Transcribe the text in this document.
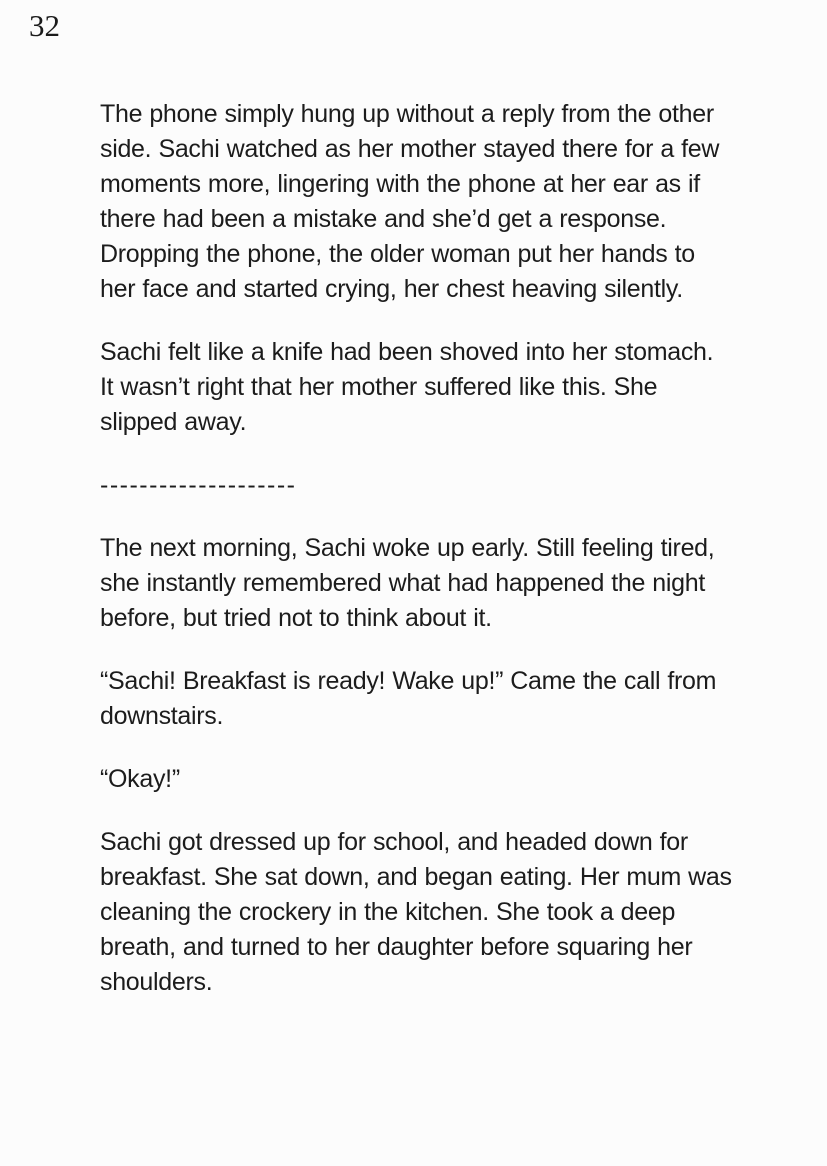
32

The phone simply hung up without a reply from the other side. Sachi watched as her mother stayed there for a few moments more, lingering with the phone at her ear as if there had been a mistake and she’d get a response. Dropping the phone, the older woman put her hands to her face and started crying, her chest heaving silently.

Sachi felt like a knife had been shoved into her stomach. It wasn’t right that her mother suffered like this. She slipped away.

--------------------

The next morning, Sachi woke up early. Still feeling tired, she instantly remembered what had happened the night before, but tried not to think about it.

“Sachi! Breakfast is ready! Wake up!” Came the call from downstairs.

“Okay!”

Sachi got dressed up for school, and headed down for breakfast. She sat down, and began eating. Her mum was cleaning the crockery in the kitchen. She took a deep breath, and turned to her daughter before squaring her shoulders.
